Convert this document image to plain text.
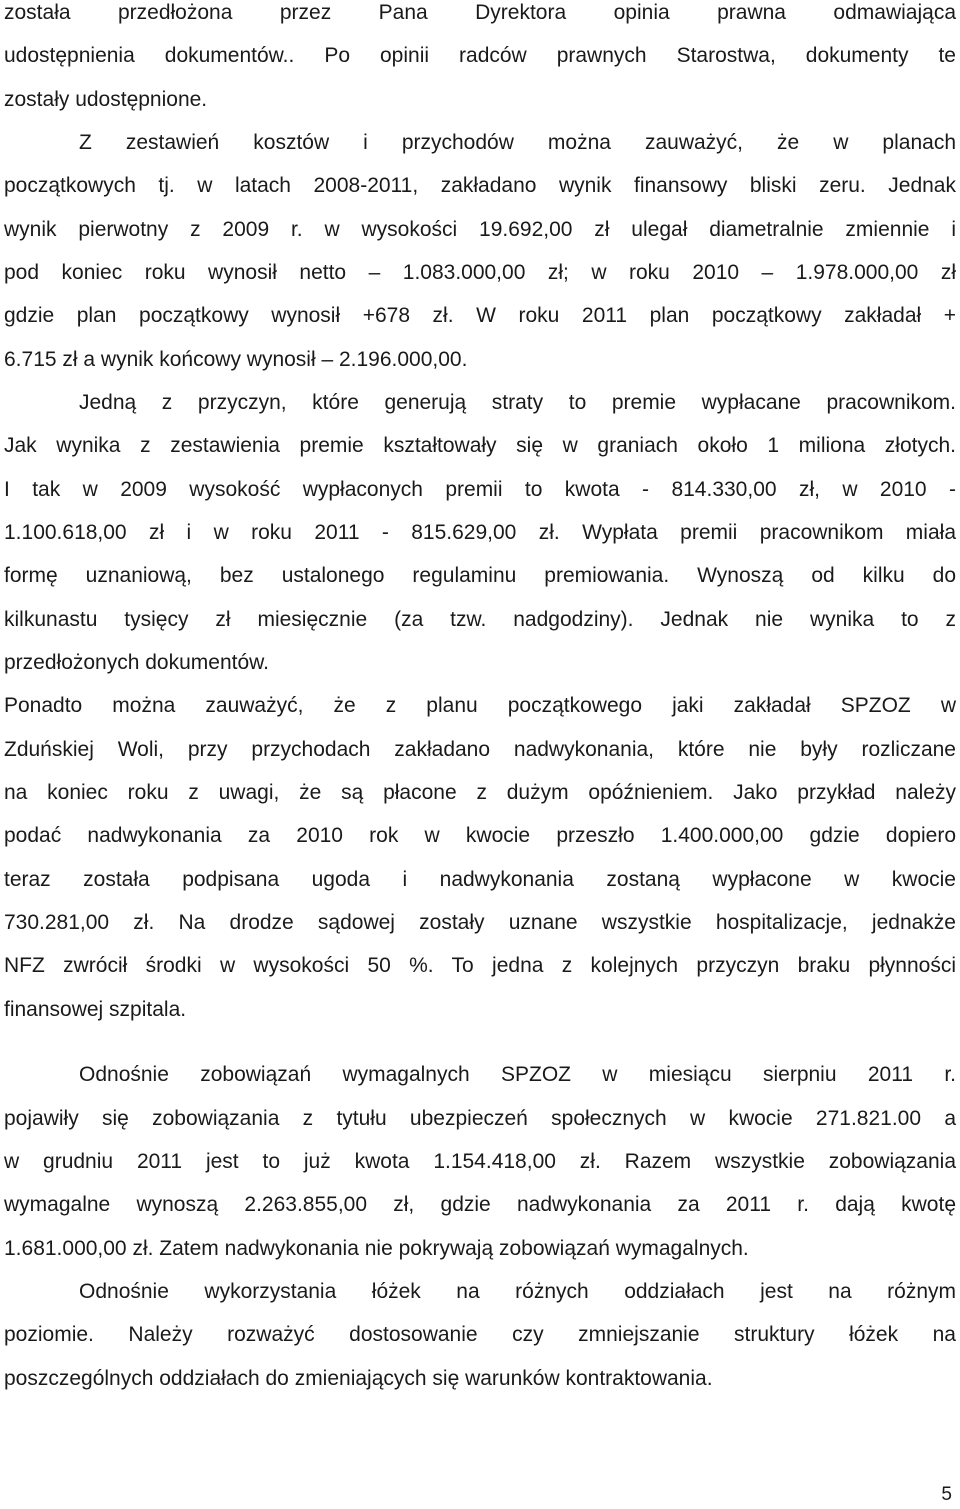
została przedłożona przez Pana Dyrektora opinia prawna odmawiająca
udostępnienia dokumentów.. Po opinii radców prawnych Starostwa, dokumenty te
zostały udostępnione.
Z zestawień kosztów i przychodów można zauważyć, że w planach
początkowych tj. w latach 2008-2011, zakładano wynik finansowy bliski zeru. Jednak
wynik pierwotny z 2009 r. w wysokości 19.692,00 zł ulegał diametralnie zmiennie i
pod koniec roku wynosił netto – 1.083.000,00 zł; w roku 2010 – 1.978.000,00 zł
gdzie plan początkowy wynosił +678 zł. W roku 2011 plan początkowy zakładał +
6.715 zł a wynik końcowy wynosił – 2.196.000,00.
Jedną z przyczyn, które generują straty to premie wypłacane pracownikom.
Jak wynika z zestawienia premie kształtowały się w graniach około 1 miliona złotych.
I tak w 2009 wysokość wypłaconych premii to kwota - 814.330,00 zł, w 2010 -
1.100.618,00 zł i w roku 2011 - 815.629,00 zł. Wypłata premii pracownikom miała
formę uznaniową, bez ustalonego regulaminu premiowania. Wynoszą od kilku do
kilkunastu tysięcy zł miesięcznie (za tzw. nadgodziny). Jednak nie wynika to z
przedłożonych dokumentów.
Ponadto można zauważyć, że z planu początkowego jaki zakładał SPZOZ w
Zduńskiej Woli, przy przychodach zakładano nadwykonania, które nie były rozliczane
na koniec roku z uwagi, że są płacone z dużym opóźnieniem. Jako przykład należy
podać nadwykonania za 2010 rok w kwocie przeszło 1.400.000,00 gdzie dopiero
teraz została podpisana ugoda i nadwykonania zostaną wypłacone w kwocie
730.281,00 zł. Na drodze sądowej zostały uznane wszystkie hospitalizacje, jednakże
NFZ zwrócił środki w wysokości 50 %. To jedna z kolejnych przyczyn braku płynności
finansowej szpitala.
Odnośnie zobowiązań wymagalnych SPZOZ w miesiącu sierpniu 2011 r.
pojawiły się zobowiązania z tytułu ubezpieczeń społecznych w kwocie 271.821.00 a
w grudniu 2011 jest to już kwota 1.154.418,00 zł. Razem wszystkie zobowiązania
wymagalne wynoszą 2.263.855,00 zł, gdzie nadwykonania za 2011 r. dają kwotę
1.681.000,00 zł. Zatem nadwykonania nie pokrywają zobowiązań wymagalnych.
Odnośnie wykorzystania łóżek na różnych oddziałach jest na różnym
poziomie. Należy rozważyć dostosowanie czy zmniejszanie struktury łóżek na
poszczególnych oddziałach do zmieniających się warunków kontraktowania.
5
